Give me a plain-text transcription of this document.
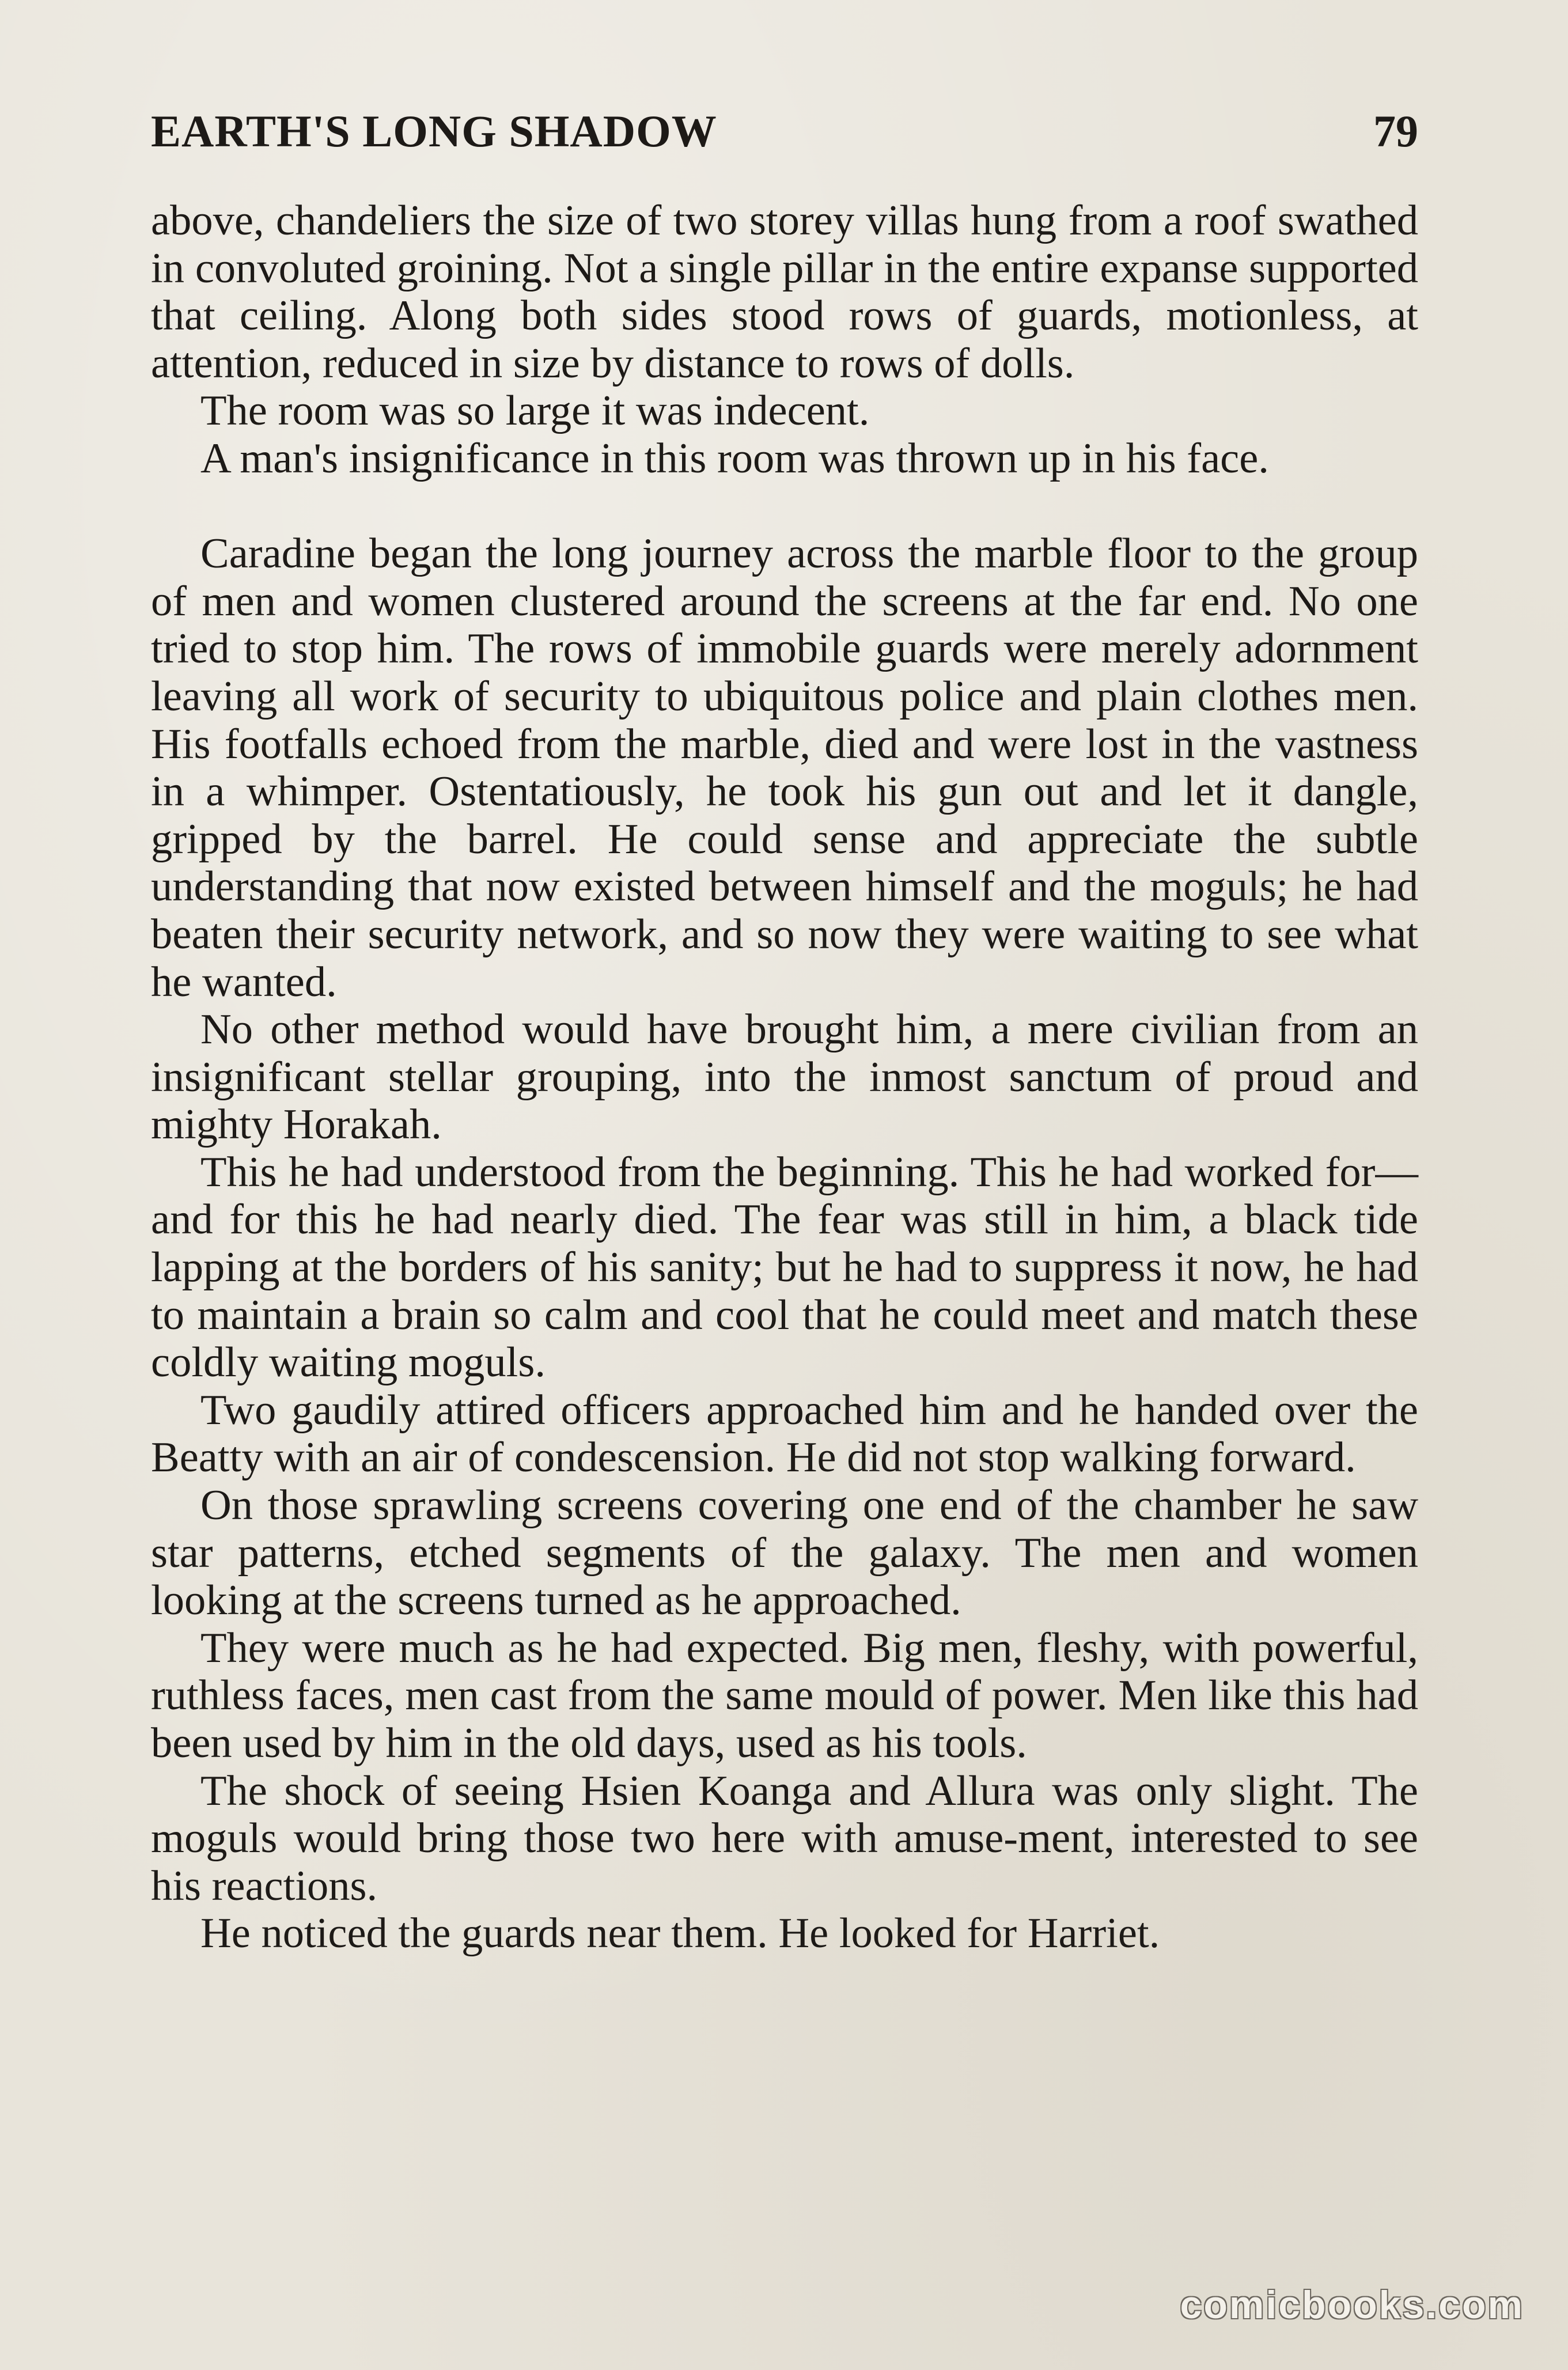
EARTH'S LONG SHADOW	79

above, chandeliers the size of two storey villas hung from a roof swathed in convoluted groining. Not a single pillar in the entire expanse supported that ceiling. Along both sides stood rows of guards, motionless, at attention, reduced in size by distance to rows of dolls.

The room was so large it was indecent.

A man's insignificance in this room was thrown up in his face.

Caradine began the long journey across the marble floor to the group of men and women clustered around the screens at the far end. No one tried to stop him. The rows of immobile guards were merely adornment leaving all work of security to ubiquitous police and plain clothes men. His footfalls echoed from the marble, died and were lost in the vastness in a whimper. Ostentatiously, he took his gun out and let it dangle, gripped by the barrel. He could sense and appreciate the subtle understanding that now existed between himself and the moguls; he had beaten their security network, and so now they were waiting to see what he wanted.

No other method would have brought him, a mere civilian from an insignificant stellar grouping, into the inmost sanctum of proud and mighty Horakah.

This he had understood from the beginning. This he had worked for—and for this he had nearly died. The fear was still in him, a black tide lapping at the borders of his sanity; but he had to suppress it now, he had to maintain a brain so calm and cool that he could meet and match these coldly waiting moguls.

Two gaudily attired officers approached him and he handed over the Beatty with an air of condescension. He did not stop walking forward.

On those sprawling screens covering one end of the chamber he saw star patterns, etched segments of the galaxy. The men and women looking at the screens turned as he approached.

They were much as he had expected. Big men, fleshy, with powerful, ruthless faces, men cast from the same mould of power. Men like this had been used by him in the old days, used as his tools.

The shock of seeing Hsien Koanga and Allura was only slight. The moguls would bring those two here with amuse-ment, interested to see his reactions.

He noticed the guards near them. He looked for Harriet.

comicbooks.com
